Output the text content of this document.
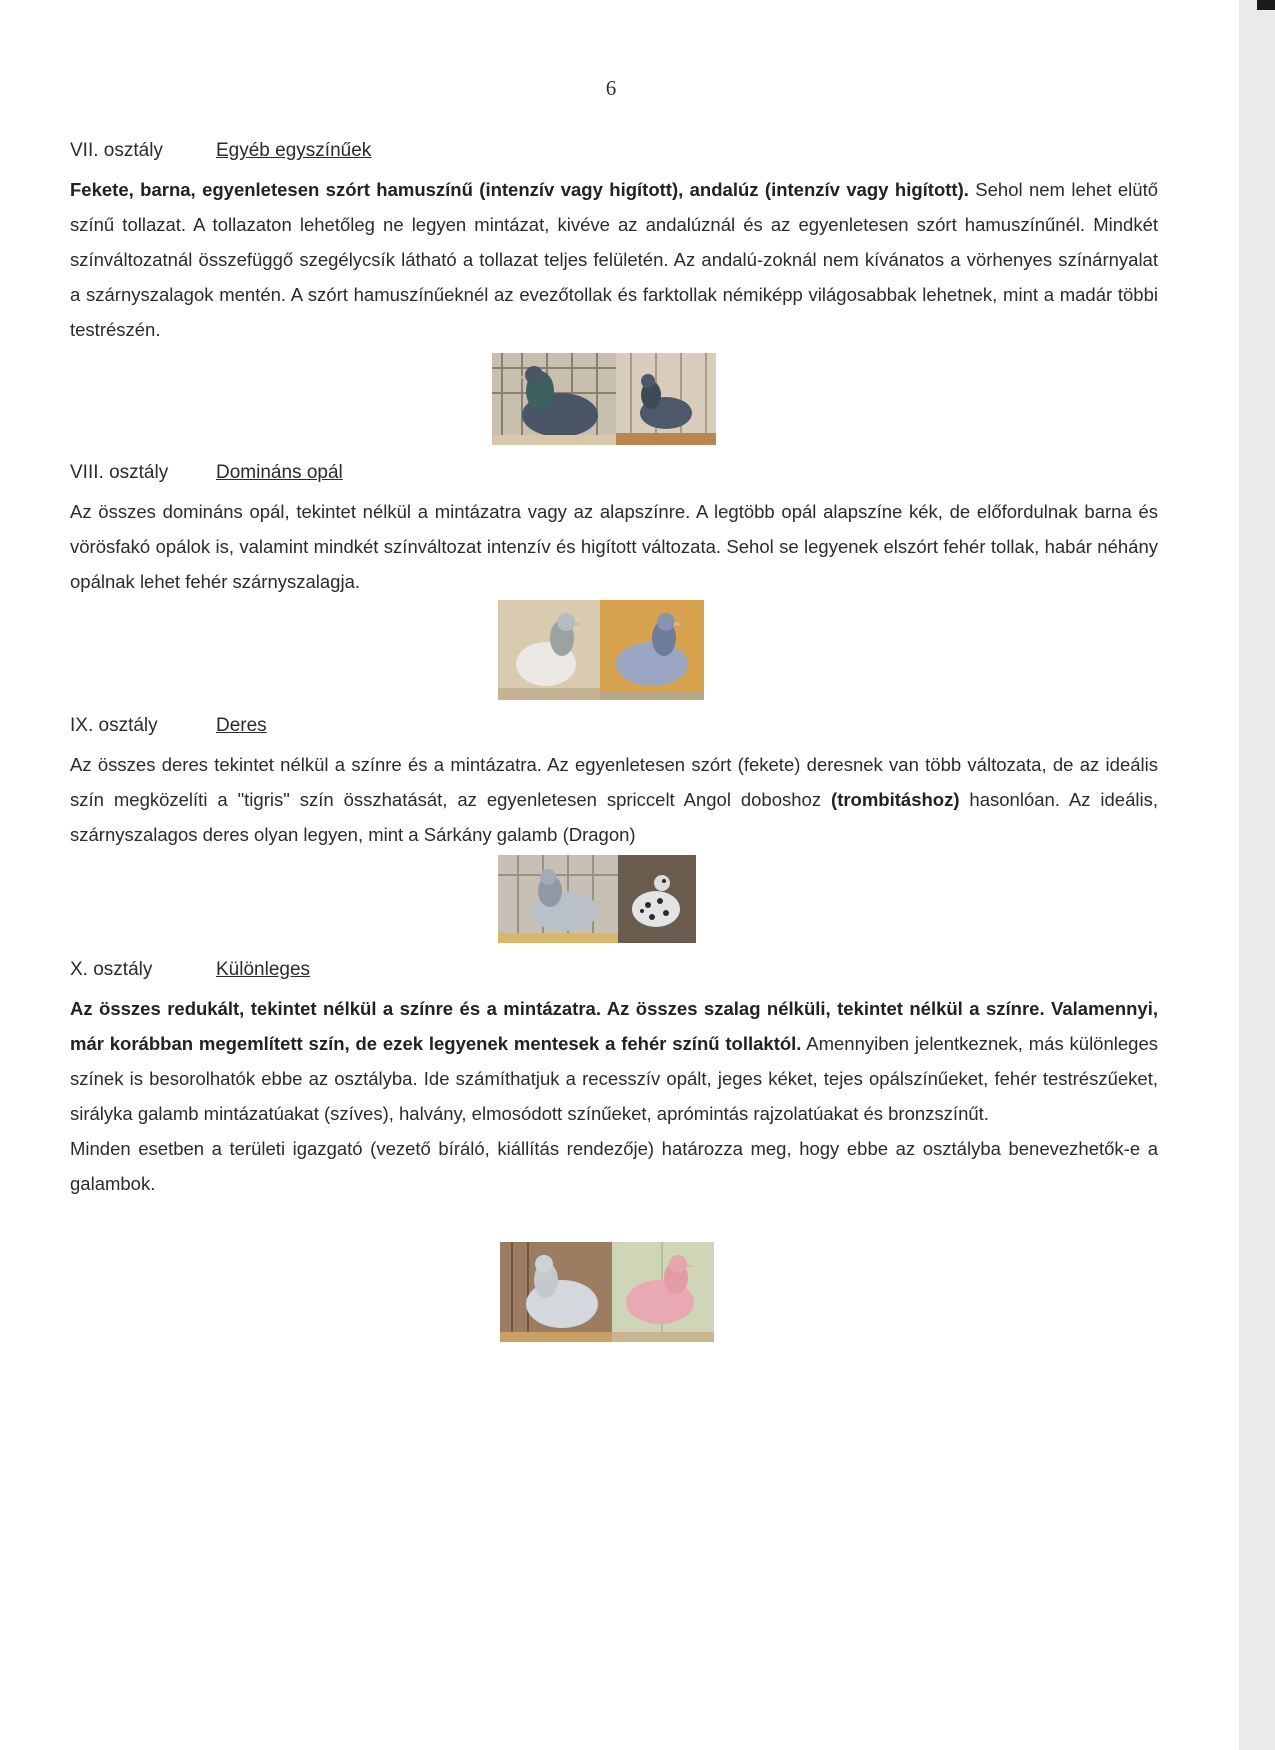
6
VII. osztály	Egyéb egyszínűek

Fekete, barna, egyenletesen szórt hamuszínű (intenzív vagy higított), andalúz (intenzív vagy higított). Sehol nem lehet elütő színű tollazat. A tollazaton lehetőleg ne legyen mintázat, kivéve az andalúznál és az egyenletesen szórt hamuszínűnél. Mindkét színváltozatnál összefüggő szegélycsík látható a tollazat teljes felületén. Az andalú-zoknál nem kívánatos a vörhenyes színárnyalat a szárnyszalagok mentén. A szórt hamuszínűeknél az evezőtollak és farktollak némiképp világosabbak lehetnek, mint a madár többi testrészén.

VIII. osztály	Domináns opál

Az összes domináns opál, tekintet nélkül a mintázatra vagy az alapszínre. A legtöbb opál alapszíne kék, de előfordulnak barna és vörösfakó opálok is, valamint mindkét színváltozat intenzív és higított változata. Sehol se legyenek elszórt fehér tollak, habár néhány opálnak lehet fehér szárnyszalagja.

IX. osztály	Deres

Az összes deres tekintet nélkül a színre és a mintázatra. Az egyenletesen szórt (fekete) deresnek van több változata, de az ideális szín megközelíti a "tigris" szín összhatását, az egyenletesen spriccelt Angol doboshoz (trombitáshoz) hasonlóan. Az ideális, szárnyszalagos deres olyan legyen, mint a Sárkány galamb (Dragon)

X. osztály	Különleges

Az összes redukált, tekintet nélkül a színre és a mintázatra. Az összes szalag nélküli, tekintet nélkül a színre. Valamennyi, már korábban megemlített szín, de ezek legyenek mentesek a fehér színű tollaktól. Amennyiben jelentkeznek, más különleges színek is besorolhatók ebbe az osztályba. Ide számíthatjuk a recesszív opált, jeges kéket, tejes opálszínűeket, fehér testrészűeket, sirályka galamb mintázatúakat (szíves), halvány, elmosódott színűeket, aprómintás rajzolatúakat és bronzszínűt.

Minden esetben a területi igazgató (vezető bíráló, kiállítás rendezője) határozza meg, hogy ebbe az osztályba benevezhetők-e a galambok.
